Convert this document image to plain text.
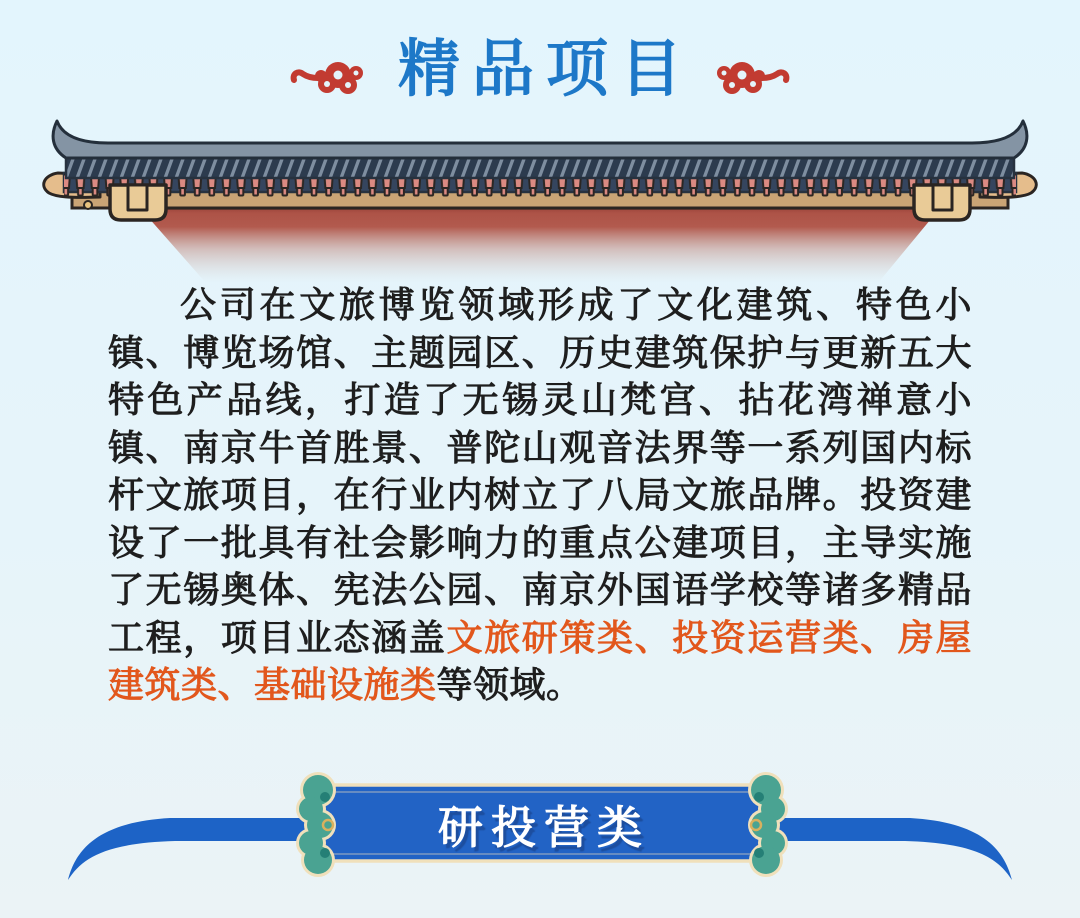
精品项目

公司在文旅博览领域形成了文化建筑、特色小镇、博览场馆、主题园区、历史建筑保护与更新五大特色产品线，打造了无锡灵山梵宫、拈花湾禅意小镇、南京牛首胜景、普陀山观音法界等一系列国内标杆文旅项目，在行业内树立了八局文旅品牌。投资建设了一批具有社会影响力的重点公建项目，主导实施了无锡奥体、宪法公园、南京外国语学校等诸多精品工程，项目业态涵盖文旅研策类、投资运营类、房屋建筑类、基础设施类等领域。

研投营类
